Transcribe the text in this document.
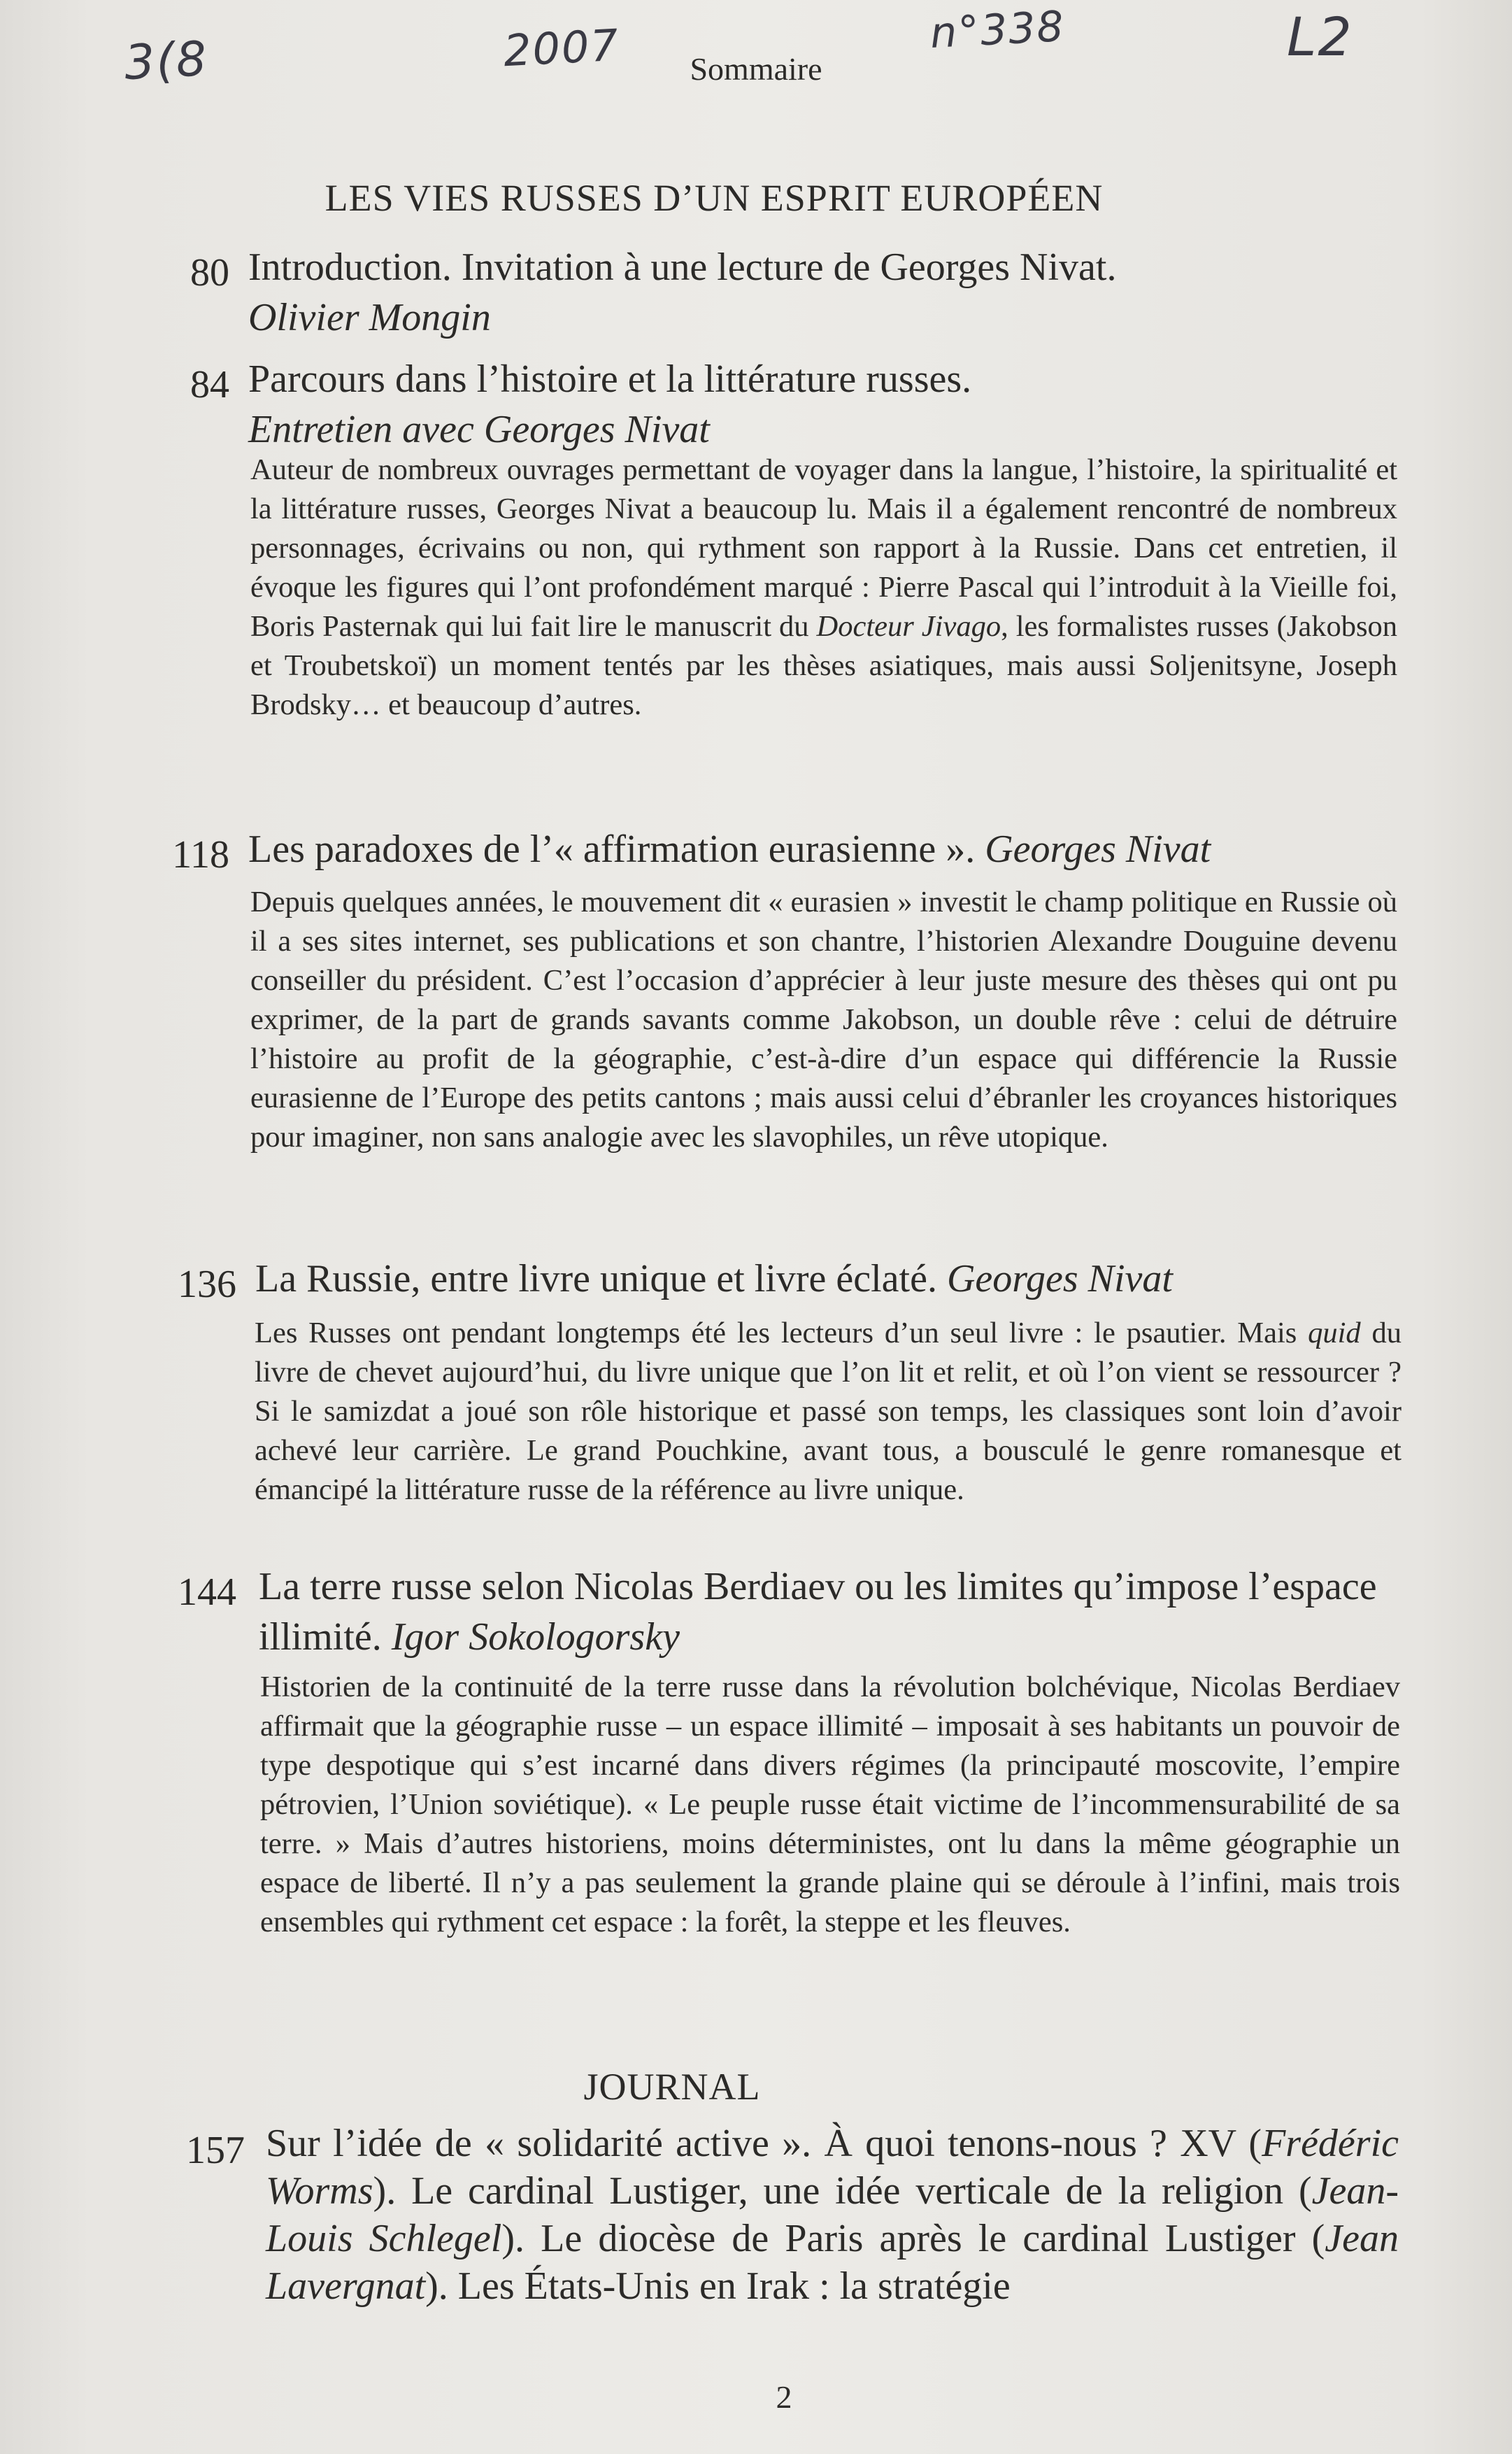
3(8	2007	n°338	L2
Sommaire
LES VIES RUSSES D’UN ESPRIT EUROPÉEN
80 Introduction. Invitation à une lecture de Georges Nivat.
Olivier Mongin
84 Parcours dans l’histoire et la littérature russes.
Entretien avec Georges Nivat
Auteur de nombreux ouvrages permettant de voyager dans la langue, l’histoire, la spiritualité et la littérature russes, Georges Nivat a beaucoup lu. Mais il a également rencontré de nombreux personnages, écrivains ou non, qui rythment son rapport à la Russie. Dans cet entretien, il évoque les figures qui l’ont profondément marqué : Pierre Pascal qui l’introduit à la Vieille foi, Boris Pasternak qui lui fait lire le manuscrit du Docteur Jivago, les formalistes russes (Jakobson et Troubetskoï) un moment tentés par les thèses asiatiques, mais aussi Soljenitsyne, Joseph Brodsky… et beaucoup d’autres.
118 Les paradoxes de l’« affirmation eurasienne ». Georges Nivat
Depuis quelques années, le mouvement dit « eurasien » investit le champ politique en Russie où il a ses sites internet, ses publications et son chantre, l’historien Alexandre Douguine devenu conseiller du président. C’est l’occasion d’apprécier à leur juste mesure des thèses qui ont pu exprimer, de la part de grands savants comme Jakobson, un double rêve : celui de détruire l’histoire au profit de la géographie, c’est-à-dire d’un espace qui différencie la Russie eurasienne de l’Europe des petits cantons ; mais aussi celui d’ébranler les croyances historiques pour imaginer, non sans analogie avec les slavophiles, un rêve utopique.
136 La Russie, entre livre unique et livre éclaté. Georges Nivat
Les Russes ont pendant longtemps été les lecteurs d’un seul livre : le psautier. Mais quid du livre de chevet aujourd’hui, du livre unique que l’on lit et relit, et où l’on vient se ressourcer ? Si le samizdat a joué son rôle historique et passé son temps, les classiques sont loin d’avoir achevé leur carrière. Le grand Pouchkine, avant tous, a bousculé le genre romanesque et émancipé la littérature russe de la référence au livre unique.
144 La terre russe selon Nicolas Berdiaev ou les limites qu’impose l’espace illimité. Igor Sokologorsky
Historien de la continuité de la terre russe dans la révolution bolchévique, Nicolas Berdiaev affirmait que la géographie russe – un espace illimité – imposait à ses habitants un pouvoir de type despotique qui s’est incarné dans divers régimes (la principauté moscovite, l’empire pétrovien, l’Union soviétique). « Le peuple russe était victime de l’incommensurabilité de sa terre. » Mais d’autres historiens, moins déterministes, ont lu dans la même géographie un espace de liberté. Il n’y a pas seulement la grande plaine qui se déroule à l’infini, mais trois ensembles qui rythment cet espace : la forêt, la steppe et les fleuves.
JOURNAL
157 Sur l’idée de « solidarité active ». À quoi tenons-nous ? XV (Frédéric Worms). Le cardinal Lustiger, une idée verticale de la religion (Jean-Louis Schlegel). Le diocèse de Paris après le cardinal Lustiger (Jean Lavergnat). Les États-Unis en Irak : la stratégie
2
